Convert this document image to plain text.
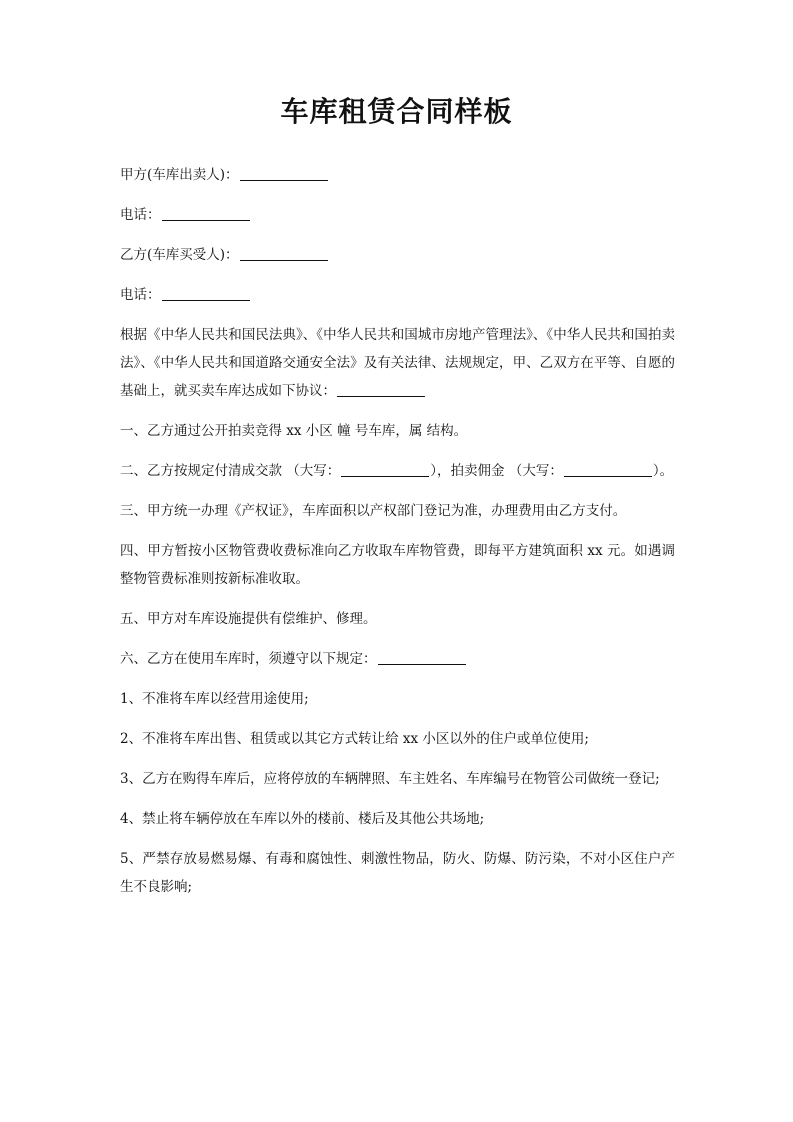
车库租赁合同样板

甲方(车库出卖人)：

电话：

乙方(车库买受人)：

电话：

根据《中华人民共和国民法典》、《中华人民共和国城市房地产管理法》、《中华人民共和国拍卖法》、《中华人民共和国道路交通安全法》及有关法律、法规规定，甲、乙双方在平等、自愿的基础上，就买卖车库达成如下协议：

一、乙方通过公开拍卖竞得 xx 小区 幢 号车库，属 结构。

二、乙方按规定付清成交款 （大写：	），拍卖佣金 （大写：	）。

三、甲方统一办理《产权证》，车库面积以产权部门登记为准，办理费用由乙方支付。

四、甲方暂按小区物管费收费标准向乙方收取车库物管费，即每平方建筑面积 xx 元。如遇调整物管费标准则按新标准收取。

五、甲方对车库设施提供有偿维护、修理。

六、乙方在使用车库时，须遵守以下规定：

1、不准将车库以经营用途使用;

2、不准将车库出售、租赁或以其它方式转让给 xx 小区以外的住户或单位使用;

3、乙方在购得车库后，应将停放的车辆牌照、车主姓名、车库编号在物管公司做统一登记;

4、禁止将车辆停放在车库以外的楼前、楼后及其他公共场地;

5、严禁存放易燃易爆、有毒和腐蚀性、刺激性物品，防火、防爆、防污染，不对小区住户产生不良影响;
